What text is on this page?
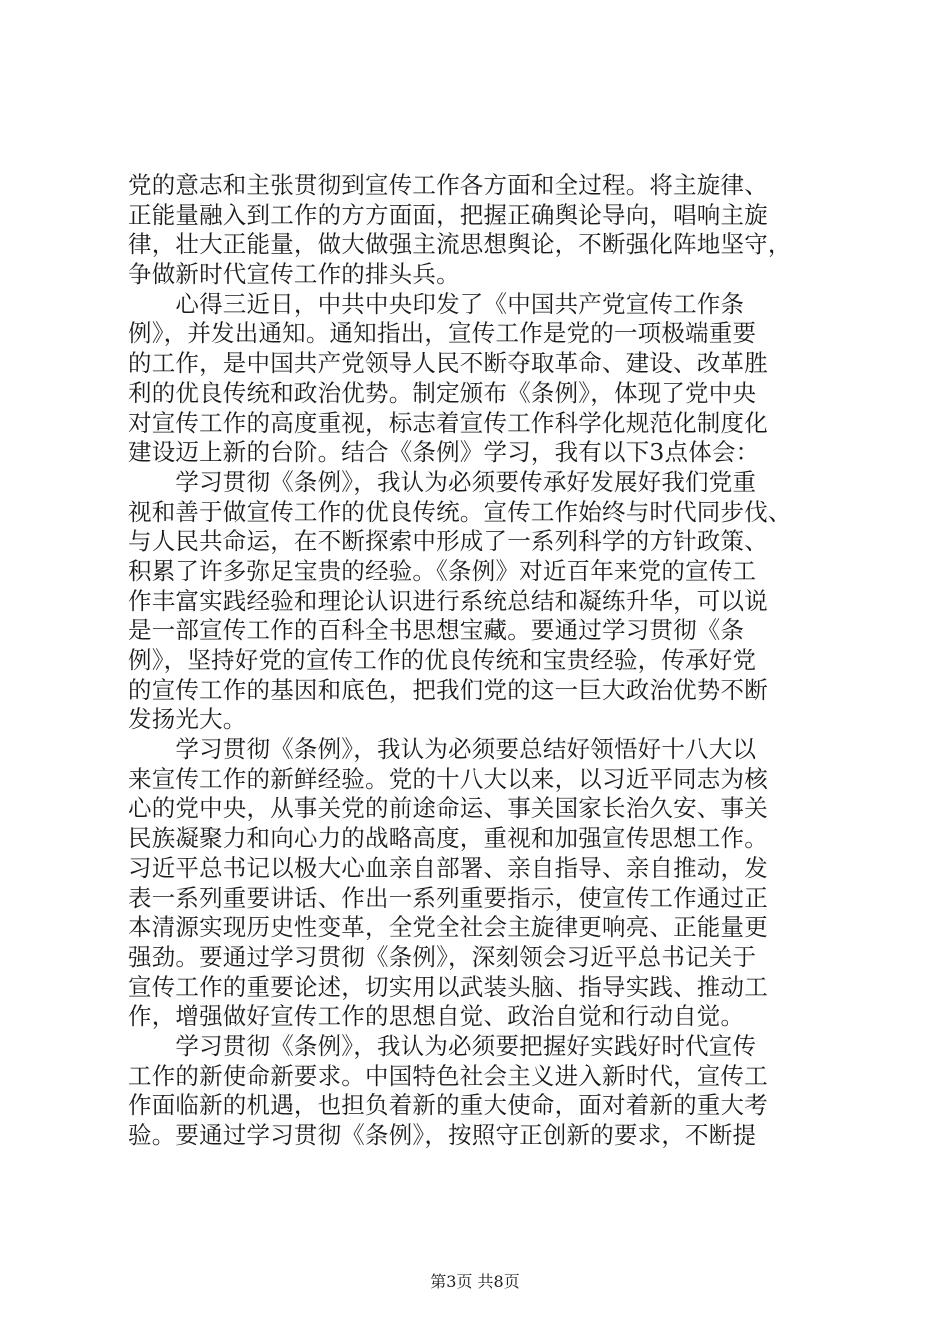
党的意志和主张贯彻到宣传工作各方面和全过程。将主旋律、
正能量融入到工作的方方面面，把握正确舆论导向，唱响主旋
律，壮大正能量，做大做强主流思想舆论，不断强化阵地坚守，
争做新时代宣传工作的排头兵。
　　心得三近日，中共中央印发了《中国共产党宣传工作条
例》，并发出通知。通知指出，宣传工作是党的一项极端重要
的工作，是中国共产党领导人民不断夺取革命、建设、改革胜
利的优良传统和政治优势。制定颁布《条例》，体现了党中央
对宣传工作的高度重视，标志着宣传工作科学化规范化制度化
建设迈上新的台阶。结合《条例》学习，我有以下3点体会：
　　学习贯彻《条例》，我认为必须要传承好发展好我们党重
视和善于做宣传工作的优良传统。宣传工作始终与时代同步伐、
与人民共命运，在不断探索中形成了一系列科学的方针政策、
积累了许多弥足宝贵的经验。《条例》对近百年来党的宣传工
作丰富实践经验和理论认识进行系统总结和凝练升华，可以说
是一部宣传工作的百科全书思想宝藏。要通过学习贯彻《条
例》，坚持好党的宣传工作的优良传统和宝贵经验，传承好党
的宣传工作的基因和底色，把我们党的这一巨大政治优势不断
发扬光大。
　　学习贯彻《条例》，我认为必须要总结好领悟好十八大以
来宣传工作的新鲜经验。党的十八大以来，以习近平同志为核
心的党中央，从事关党的前途命运、事关国家长治久安、事关
民族凝聚力和向心力的战略高度，重视和加强宣传思想工作。
习近平总书记以极大心血亲自部署、亲自指导、亲自推动，发
表一系列重要讲话、作出一系列重要指示，使宣传工作通过正
本清源实现历史性变革，全党全社会主旋律更响亮、正能量更
强劲。要通过学习贯彻《条例》，深刻领会习近平总书记关于
宣传工作的重要论述，切实用以武装头脑、指导实践、推动工
作，增强做好宣传工作的思想自觉、政治自觉和行动自觉。
　　学习贯彻《条例》，我认为必须要把握好实践好时代宣传
工作的新使命新要求。中国特色社会主义进入新时代，宣传工
作面临新的机遇，也担负着新的重大使命，面对着新的重大考
验。要通过学习贯彻《条例》，按照守正创新的要求，不断提
第3页 共8页
